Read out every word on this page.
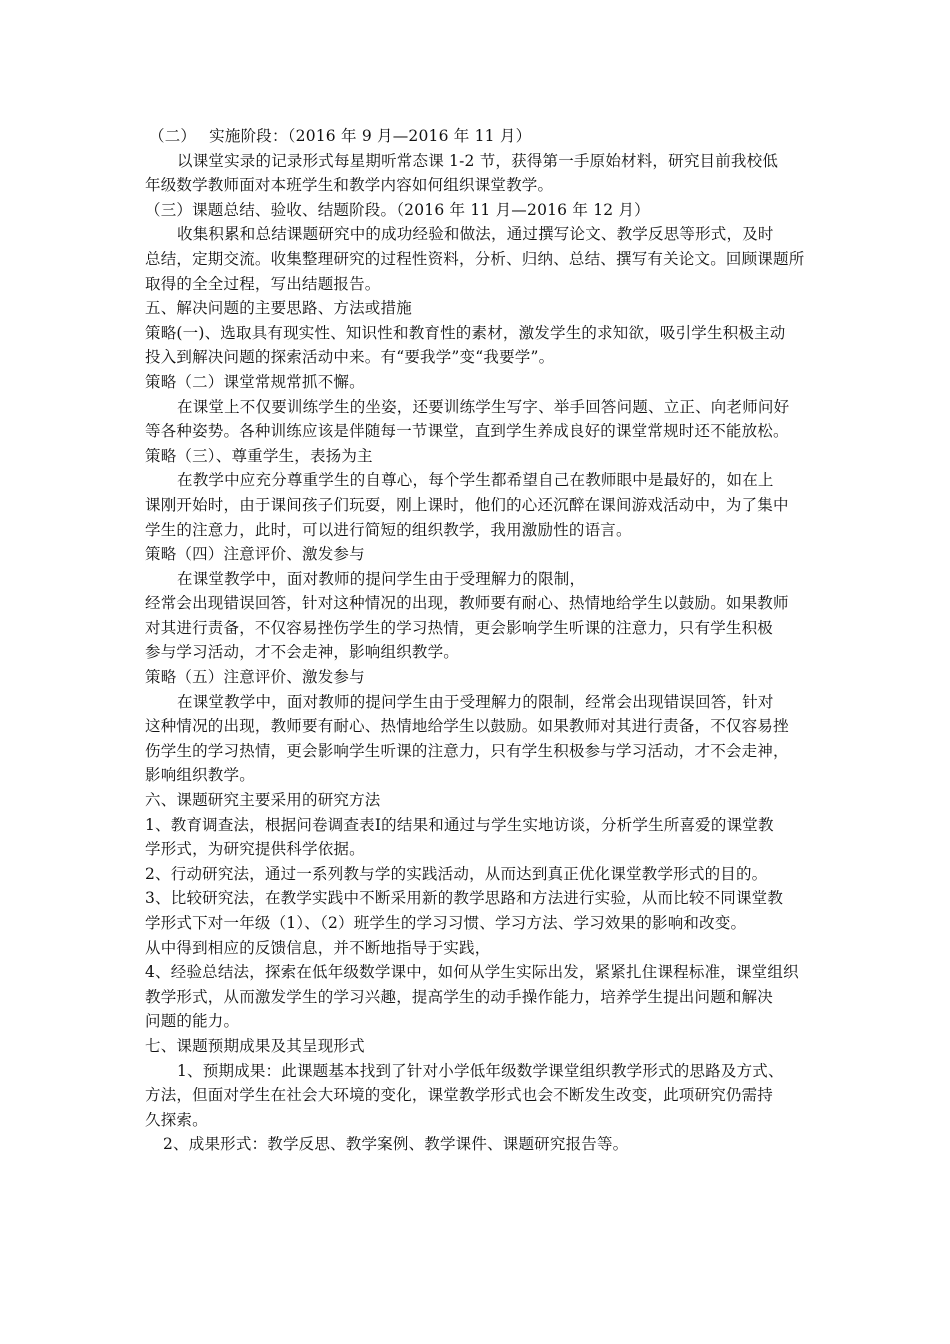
（二）　 实施阶段：（2016 年 9 月—2016 年 11 月）
以课堂实录的记录形式每星期听常态课 1-2 节，获得第一手原始材料，研究目前我校低
年级数学教师面对本班学生和教学内容如何组织课堂教学。
（三）课题总结、验收、结题阶段。（2016 年 11 月—2016 年 12 月）
收集积累和总结课题研究中的成功经验和做法，通过撰写论文、教学反思等形式，及时
总结，定期交流。收集整理研究的过程性资料，分析、归纳、总结、撰写有关论文。回顾课题所
取得的全全过程，写出结题报告。
五、解决问题的主要思路、方法或措施
策略(一)、选取具有现实性、知识性和教育性的素材，激发学生的求知欲，吸引学生积极主动
投入到解决问题的探索活动中来。有“要我学”变“我要学”。
策略（二）课堂常规常抓不懈。
在课堂上不仅要训练学生的坐姿，还要训练学生写字、举手回答问题、立正、向老师问好
等各种姿势。各种训练应该是伴随每一节课堂，直到学生养成良好的课堂常规时还不能放松。
策略（三）、尊重学生，表扬为主
在教学中应充分尊重学生的自尊心，每个学生都希望自己在教师眼中是最好的，如在上
课刚开始时，由于课间孩子们玩耍，刚上课时，他们的心还沉醉在课间游戏活动中，为了集中
学生的注意力，此时，可以进行简短的组织教学，我用激励性的语言。
策略（四）注意评价、激发参与
在课堂教学中，面对教师的提问学生由于受理解力的限制，
经常会出现错误回答，针对这种情况的出现，教师要有耐心、热情地给学生以鼓励。如果教师
对其进行责备，不仅容易挫伤学生的学习热情，更会影响学生听课的注意力，只有学生积极
参与学习活动，才不会走神，影响组织教学。
策略（五）注意评价、激发参与
在课堂教学中，面对教师的提问学生由于受理解力的限制，经常会出现错误回答，针对
这种情况的出现，教师要有耐心、热情地给学生以鼓励。如果教师对其进行责备，不仅容易挫
伤学生的学习热情，更会影响学生听课的注意力，只有学生积极参与学习活动，才不会走神，
影响组织教学。
六、课题研究主要采用的研究方法
1、教育调查法，根据问卷调查表Ⅰ的结果和通过与学生实地访谈，分析学生所喜爱的课堂教
学形式，为研究提供科学依据。
2、行动研究法，通过一系列教与学的实践活动，从而达到真正优化课堂教学形式的目的。
3、比较研究法，在教学实践中不断采用新的教学思路和方法进行实验，从而比较不同课堂教
学形式下对一年级（1）、（2）班学生的学习习惯、学习方法、学习效果的影响和改变。
从中得到相应的反馈信息，并不断地指导于实践，
4、经验总结法，探索在低年级数学课中，如何从学生实际出发，紧紧扎住课程标准，课堂组织
教学形式，从而激发学生的学习兴趣，提高学生的动手操作能力，培养学生提出问题和解决
问题的能力。
七、课题预期成果及其呈现形式
1、预期成果：此课题基本找到了针对小学低年级数学课堂组织教学形式的思路及方式、
方法，但面对学生在社会大环境的变化，课堂教学形式也会不断发生改变，此项研究仍需持
久探索。
2、成果形式：教学反思、教学案例、教学课件、课题研究报告等。
